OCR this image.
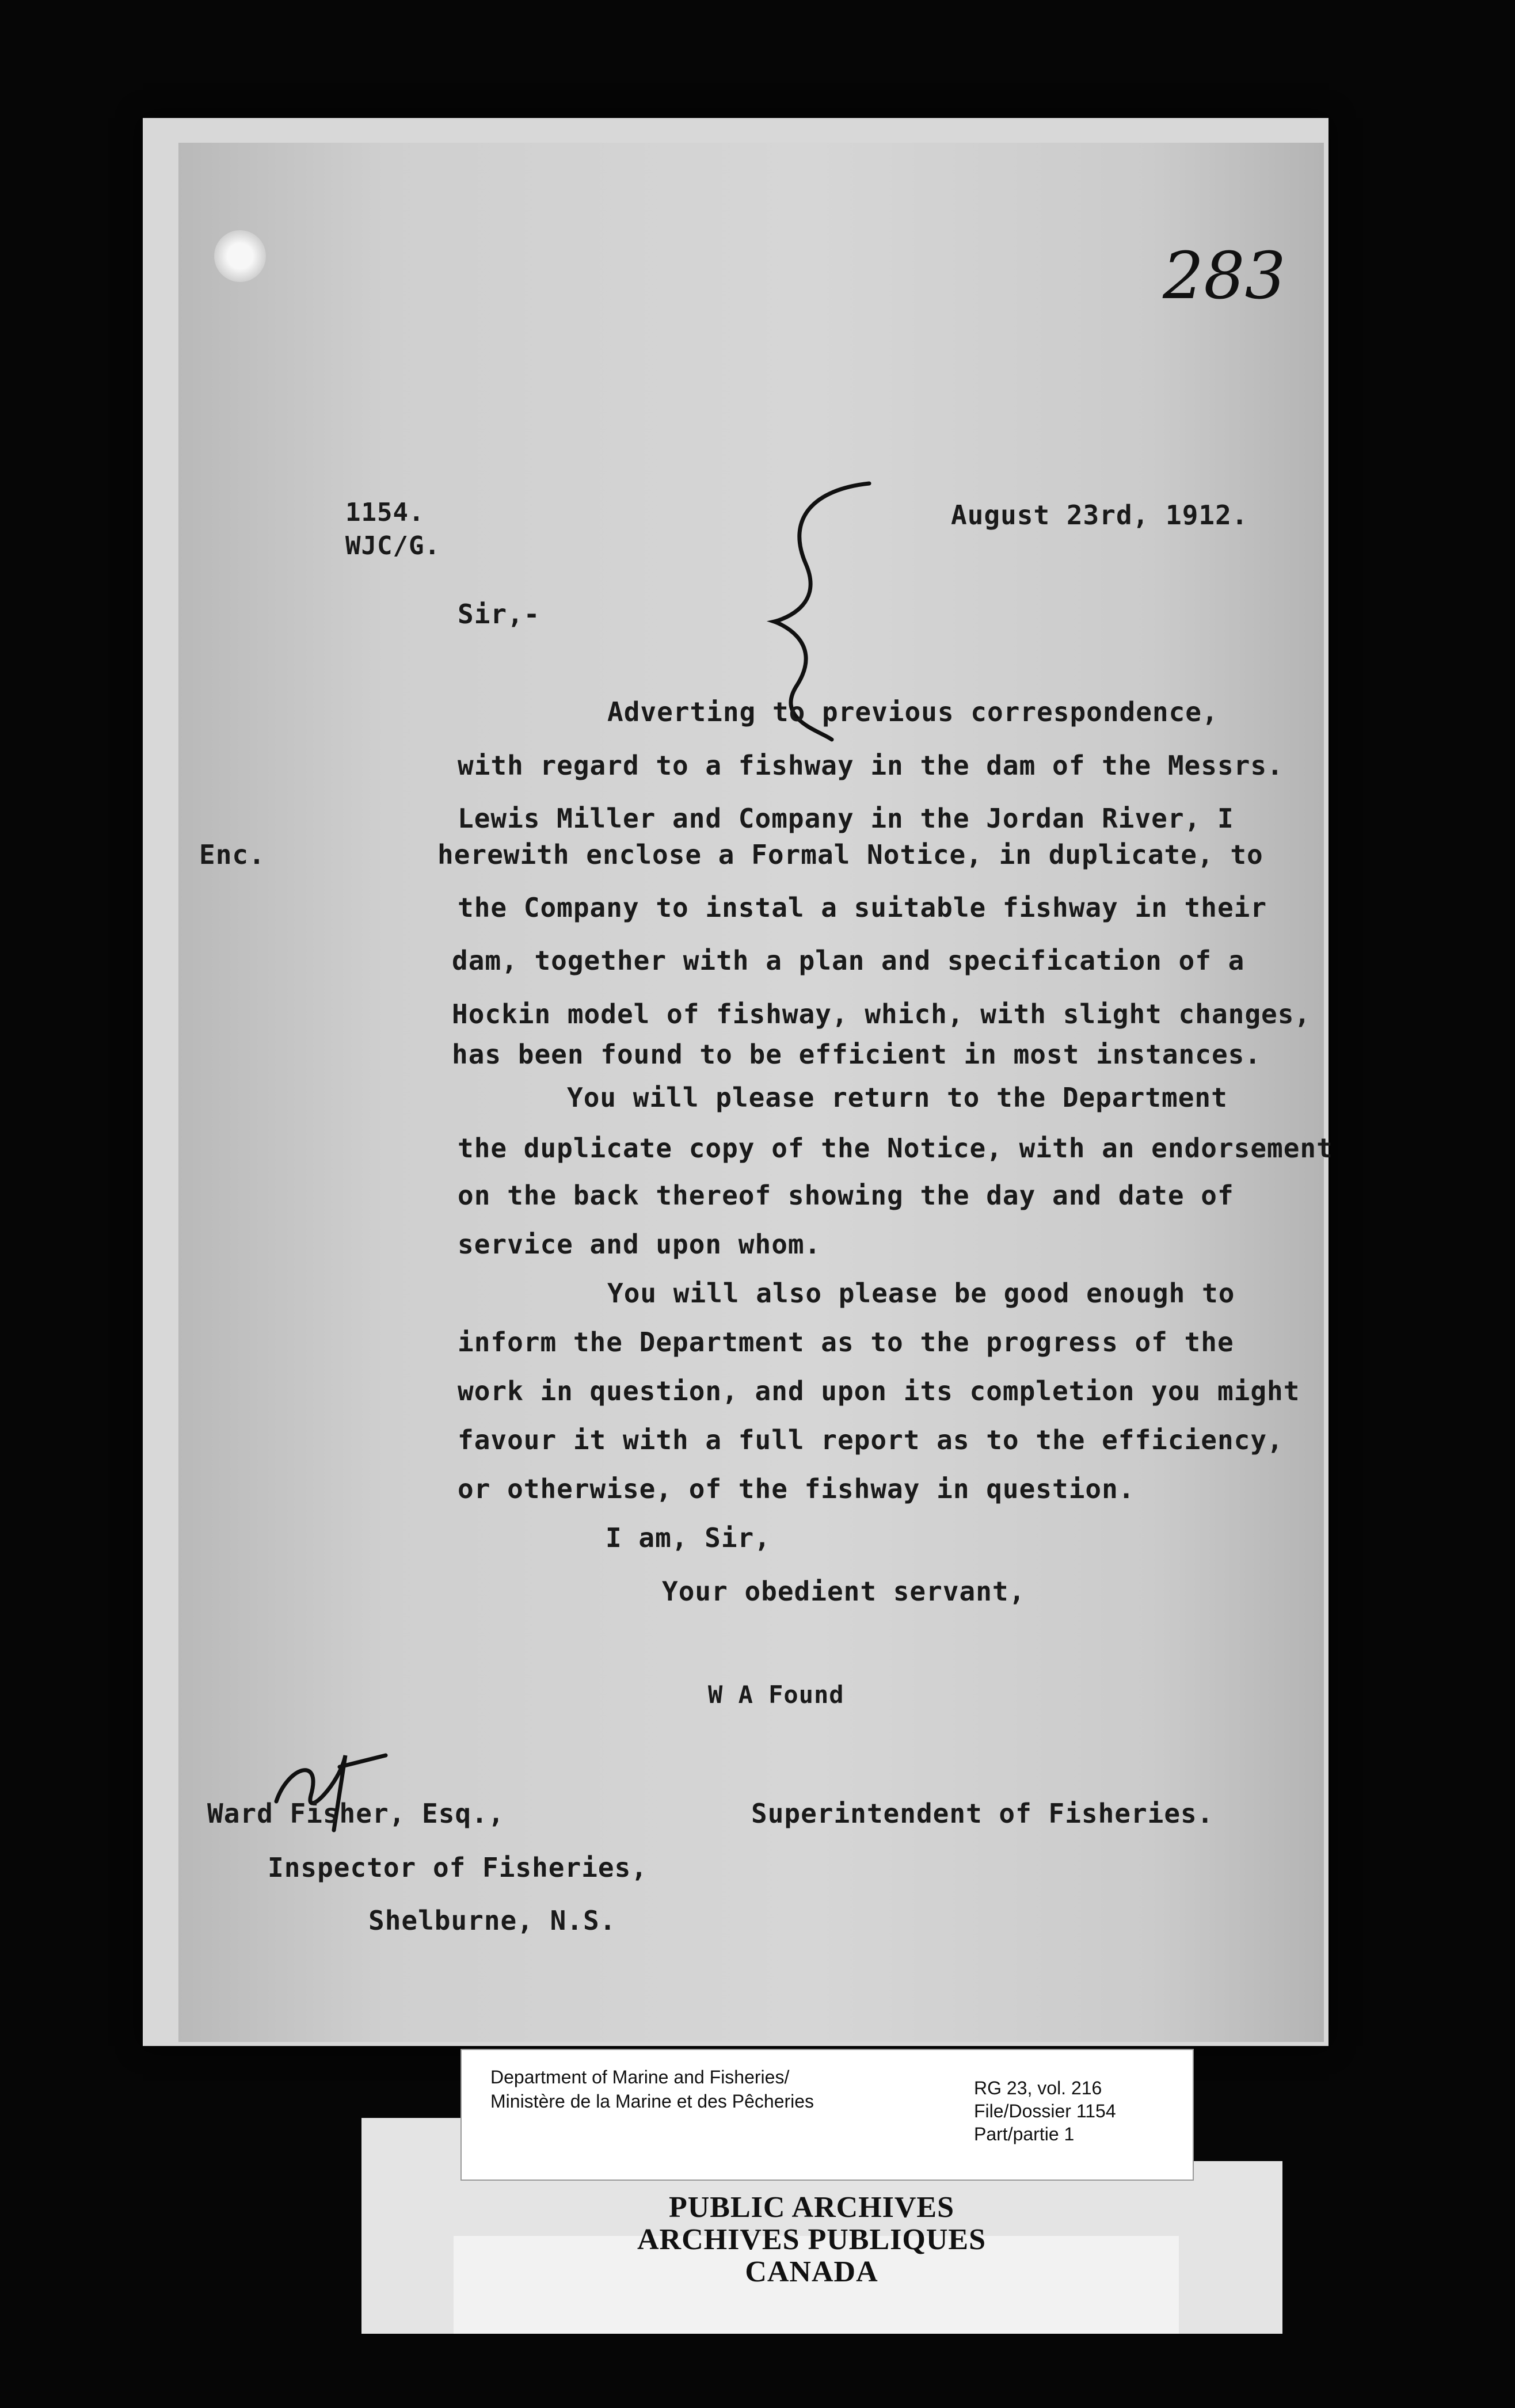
283
1154.
WJC/G.
August 23rd, 1912.
Sir,-
Enc.
Adverting to previous correspondence,
with regard to a fishway in the dam of the Messrs.
Lewis Miller and Company in the Jordan River, I
herewith enclose a Formal Notice, in duplicate, to
the Company to instal a suitable fishway in their
dam, together with a plan and specification of a
Hockin model of fishway, which, with slight changes,
has been found to be efficient in most instances.
You will please return to the Department
the duplicate copy of the Notice, with an endorsement
on the back thereof showing the day and date of
service and upon whom.
You will also please be good enough to
inform the Department as to the progress of the
work in question, and upon its completion you might
favour it with a full report as to the efficiency,
or otherwise, of the fishway in question.
I am, Sir,
Your obedient servant,
W A Found
Superintendent of Fisheries.
Ward Fisher, Esq.,
Inspector of Fisheries,
Shelburne, N.S.
Department of Marine and Fisheries/
Ministère de la Marine et des Pêcheries
RG 23, vol. 216
File/Dossier 1154
Part/partie 1
PUBLIC ARCHIVES
ARCHIVES PUBLIQUES
CANADA
